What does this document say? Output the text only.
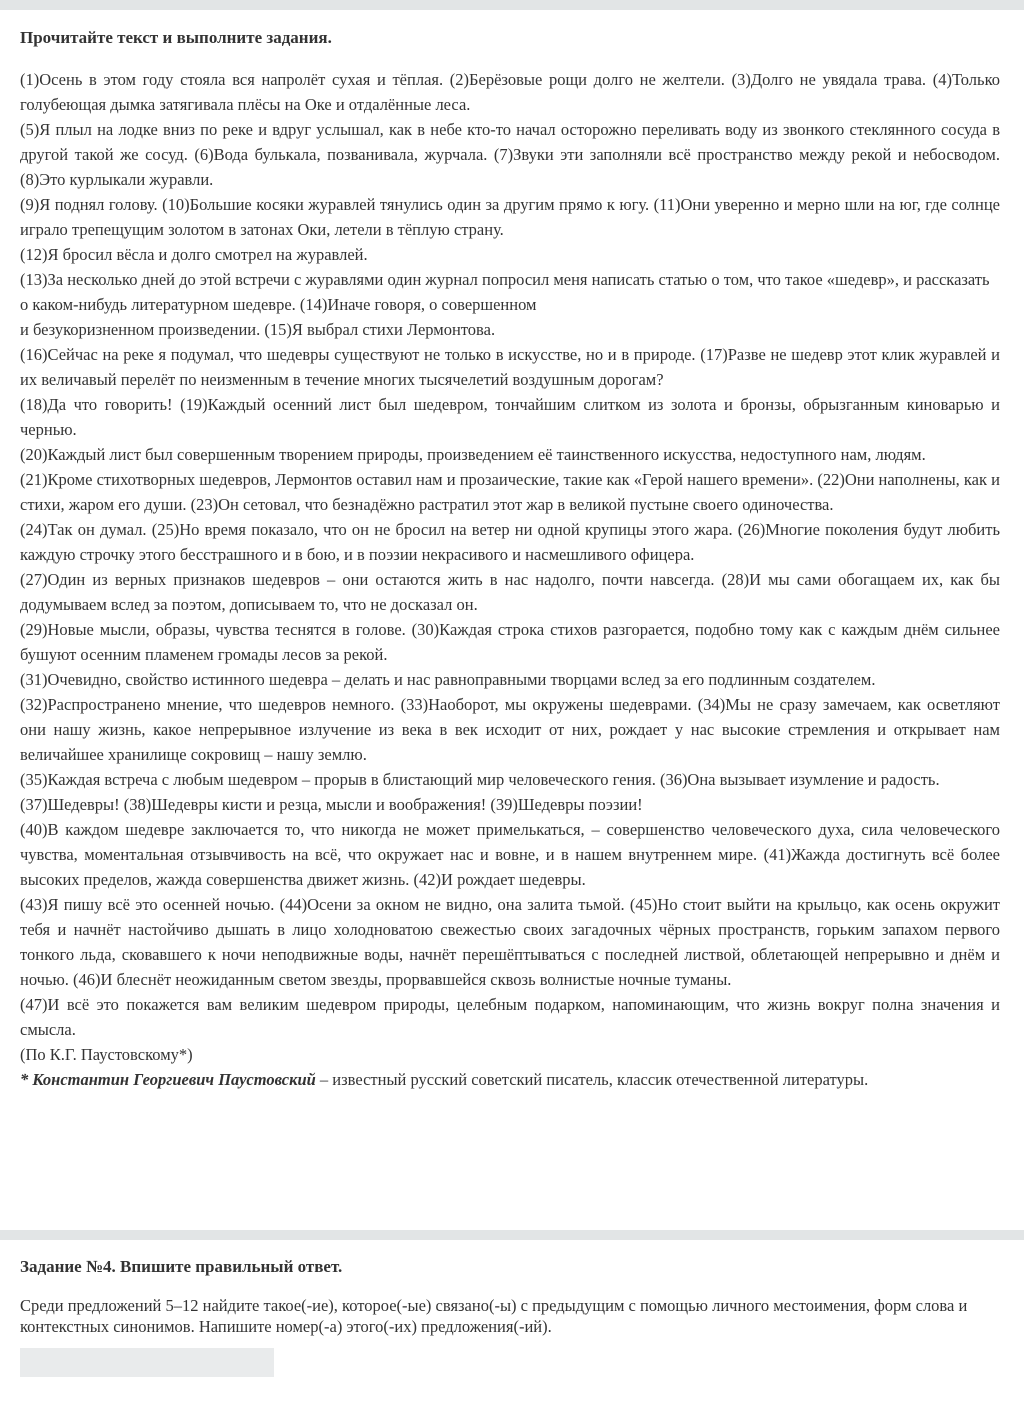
Прочитайте текст и выполните задания.

(1)Осень в этом году стояла вся напролёт сухая и тёплая. (2)Берёзовые рощи долго не желтели. (3)Долго не увядала трава. (4)Только голубеющая дымка затягивала плёсы на Оке и отдалённые леса.

(5)Я плыл на лодке вниз по реке и вдруг услышал, как в небе кто-то начал осторожно переливать воду из звонкого стеклянного сосуда в другой такой же сосуд. (6)Вода булькала, позванивала, журчала. (7)Звуки эти заполняли всё пространство между рекой и небосводом. (8)Это курлыкали журавли.

(9)Я поднял голову. (10)Большие косяки журавлей тянулись один за другим прямо к югу. (11)Они уверенно и мерно шли на юг, где солнце играло трепещущим золотом в затонах Оки, летели в тёплую страну.

(12)Я бросил вёсла и долго смотрел на журавлей.

(13)За несколько дней до этой встречи с журавлями один журнал попросил меня написать статью о том, что такое «шедевр», и рассказать

о каком-нибудь литературном шедевре. (14)Иначе говоря, о совершенном

и безукоризненном произведении. (15)Я выбрал стихи Лермонтова.

(16)Сейчас на реке я подумал, что шедевры существуют не только в искусстве, но и в природе. (17)Разве не шедевр этот клик журавлей и их величавый перелёт по неизменным в течение многих тысячелетий воздушным дорогам?

(18)Да что говорить! (19)Каждый осенний лист был шедевром, тончайшим слитком из золота и бронзы, обрызганным киноварью и чернью.

(20)Каждый лист был совершенным творением природы, произведением её таинственного искусства, недоступного нам, людям.

(21)Кроме стихотворных шедевров, Лермонтов оставил нам и прозаические, такие как «Герой нашего времени». (22)Они наполнены, как и стихи, жаром его души. (23)Он сетовал, что безнадёжно растратил этот жар в великой пустыне своего одиночества.

(24)Так он думал. (25)Но время показало, что он не бросил на ветер ни одной крупицы этого жара. (26)Многие поколения будут любить каждую строчку этого бесстрашного и в бою, и в поэзии некрасивого и насмешливого офицера.

(27)Один из верных признаков шедевров – они остаются жить в нас надолго, почти навсегда. (28)И мы сами обогащаем их, как бы додумываем вслед за поэтом, дописываем то, что не досказал он.

(29)Новые мысли, образы, чувства теснятся в голове. (30)Каждая строка стихов разгорается, подобно тому как с каждым днём сильнее бушуют осенним пламенем громады лесов за рекой.

(31)Очевидно, свойство истинного шедевра – делать и нас равноправными творцами вслед за его подлинным создателем.

(32)Распространено мнение, что шедевров немного. (33)Наоборот, мы окружены шедеврами. (34)Мы не сразу замечаем, как осветляют они нашу жизнь, какое непрерывное излучение из века в век исходит от них, рождает у нас высокие стремления и открывает нам величайшее хранилище сокровищ – нашу землю.

(35)Каждая встреча с любым шедевром – прорыв в блистающий мир человеческого гения. (36)Она вызывает изумление и радость.

(37)Шедевры! (38)Шедевры кисти и резца, мысли и воображения! (39)Шедевры поэзии!

(40)В каждом шедевре заключается то, что никогда не может примелькаться, – совершенство человеческого духа, сила человеческого чувства, моментальная отзывчивость на всё, что окружает нас и вовне, и в нашем внутреннем мире. (41)Жажда достигнуть всё более высоких пределов, жажда совершенства движет жизнь. (42)И рождает шедевры.

(43)Я пишу всё это осенней ночью. (44)Осени за окном не видно, она залита тьмой. (45)Но стоит выйти на крыльцо, как осень окружит тебя и начнёт настойчиво дышать в лицо холодноватою свежестью своих загадочных чёрных пространств, горьким запахом первого тонкого льда, сковавшего к ночи неподвижные воды, начнёт перешёптываться с последней листвой, облетающей непрерывно и днём и ночью. (46)И блеснёт неожиданным светом звезды, прорвавшейся сквозь волнистые ночные туманы.

(47)И всё это покажется вам великим шедевром природы, целебным подарком, напоминающим, что жизнь вокруг полна значения и смысла.

(По К.Г. Паустовскому*)

* Константин Георгиевич Паустовский – известный русский советский писатель, классик отечественной литературы.

Задание №4. Впишите правильный ответ.
Среди предложений 5–12 найдите такое(-ие), которое(-ые) связано(-ы) с предыдущим с помощью личного местоимения, форм слова и контекстных синонимов. Напишите номер(-а) этого(-их) предложения(-ий).
